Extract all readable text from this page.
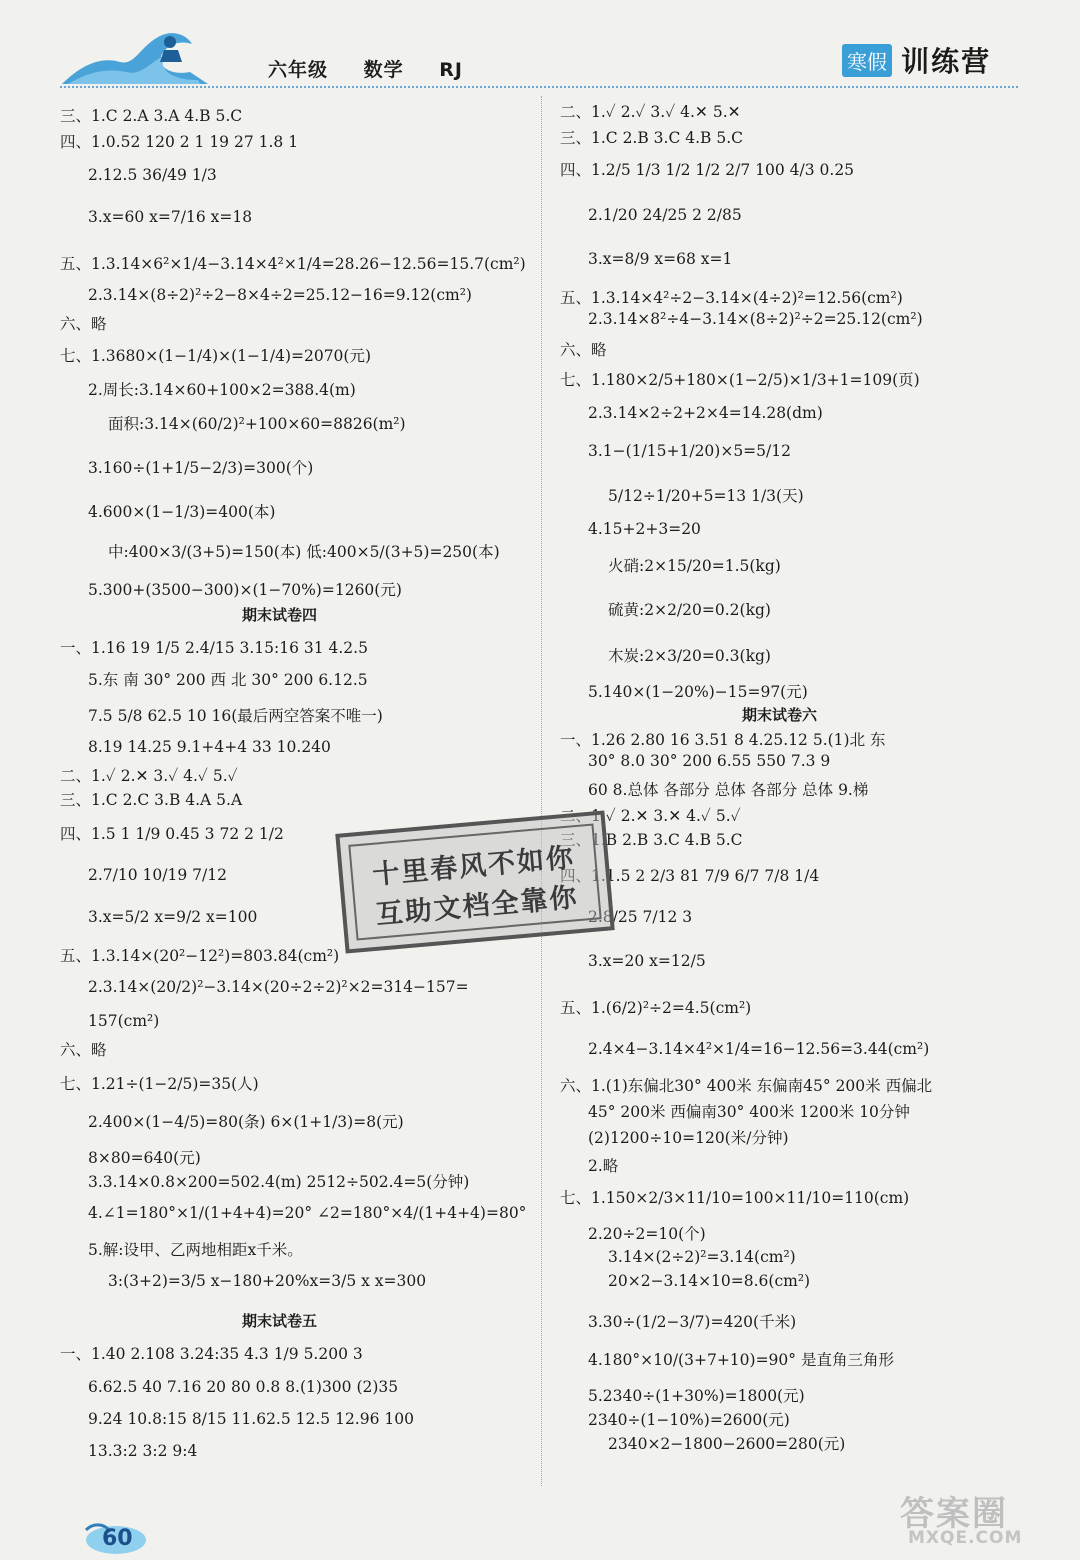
六年级 数学 RJ	寒假 训练营
三、1.C 2.A 3.A 4.B 5.C
四、1.0.52 120 2 1 19 27 1.8 1
2.12.5 36/49 1/3
3.x=60 x=7/16 x=18
五、1.3.14×6²×1/4−3.14×4²×1/4=28.26−12.56=15.7(cm²)
2.3.14×(8÷2)²÷2−8×4÷2=25.12−16=9.12(cm²)
六、略
七、1.3680×(1−1/4)×(1−1/4)=2070(元)
2.周长:3.14×60+100×2=388.4(m)
面积:3.14×(60/2)²+100×60=8826(m²)
3.160÷(1+1/5−2/3)=300(个)
4.600×(1−1/3)=400(本)
中:400×3/(3+5)=150(本) 低:400×5/(3+5)=250(本)
5.300+(3500−300)×(1−70%)=1260(元)
期末试卷四
一、1.16 19 1/5 2.4/15 3.15:16 31 4.2.5
5.东 南 30° 200 西 北 30° 200 6.12.5
7.5 5/8 62.5 10 16(最后两空答案不唯一)
8.19 14.25 9.1+4+4 33 10.240
二、1.✓ 2.✕ 3.✓ 4.✓ 5.✓
三、1.C 2.C 3.B 4.A 5.A
四、1.5 1 1/9 0.45 3 72 2 1/2
2.7/10 10/19 7/12
3.x=5/2 x=9/2 x=100
五、1.3.14×(20²−12²)=803.84(cm²)
2.3.14×(20/2)²−3.14×(20÷2÷2)²×2=314−157=
157(cm²)
六、略
七、1.21÷(1−2/5)=35(人)
2.400×(1−4/5)=80(条) 6×(1+1/3)=8(元)
8×80=640(元)
3.3.14×0.8×200=502.4(m) 2512÷502.4=5(分钟)
4.∠1=180°×1/(1+4+4)=20° ∠2=180°×4/(1+4+4)=80°
5.解:设甲、乙两地相距x千米。
3:(3+2)=3/5 x−180+20%x=3/5 x x=300
期末试卷五
一、1.40 2.108 3.24:35 4.3 1/9 5.200 3
6.62.5 40 7.16 20 80 0.8 8.(1)300 (2)35
9.24 10.8:15 8/15 11.62.5 12.5 12.96 100
13.3:2 3:2 9:4
二、1.✓ 2.✓ 3.✓ 4.✕ 5.✕
三、1.C 2.B 3.C 4.B 5.C
四、1.2/5 1/3 1/2 1/2 2/7 100 4/3 0.25
2.1/20 24/25 2 2/85
3.x=8/9 x=68 x=1
五、1.3.14×4²÷2−3.14×(4÷2)²=12.56(cm²)
2.3.14×8²÷4−3.14×(8÷2)²÷2=25.12(cm²)
六、略
七、1.180×2/5+180×(1−2/5)×1/3+1=109(页)
2.3.14×2÷2+2×4=14.28(dm)
3.1−(1/15+1/20)×5=5/12
5/12÷1/20+5=13 1/3(天)
4.15+2+3=20
火硝:2×15/20=1.5(kg)
硫黄:2×2/20=0.2(kg)
木炭:2×3/20=0.3(kg)
5.140×(1−20%)−15=97(元)
期末试卷六
一、1.26 2.80 16 3.51 8 4.25.12 5.(1)北 东
30° 8.0 30° 200 6.55 550 7.3 9
60 8.总体 各部分 总体 各部分 总体 9.梯
二、1.✓ 2.✕ 3.✕ 4.✓ 5.✓
三、1.B 2.B 3.C 4.B 5.C
四、1.1.5 2 2/3 81 7/9 6/7 7/8 1/4
2.8/25 7/12 3
3.x=20 x=12/5
五、1.(6/2)²÷2=4.5(cm²)
2.4×4−3.14×4²×1/4=16−12.56=3.44(cm²)
六、1.(1)东偏北30° 400米 东偏南45° 200米 西偏北
45° 200米 西偏南30° 400米 1200米 10分钟
(2)1200÷10=120(米/分钟)
2.略
七、1.150×2/3×11/10=100×11/10=110(cm)
2.20÷2=10(个)
3.14×(2÷2)²=3.14(cm²)
20×2−3.14×10=8.6(cm²)
3.30÷(1/2−3/7)=420(千米)
4.180°×10/(3+7+10)=90° 是直角三角形
5.2340÷(1+30%)=1800(元)
2340÷(1−10%)=2600(元)
2340×2−1800−2600=280(元)
十里春风不如你
互助文档全靠你
60
答案圈
MXQE.COM
